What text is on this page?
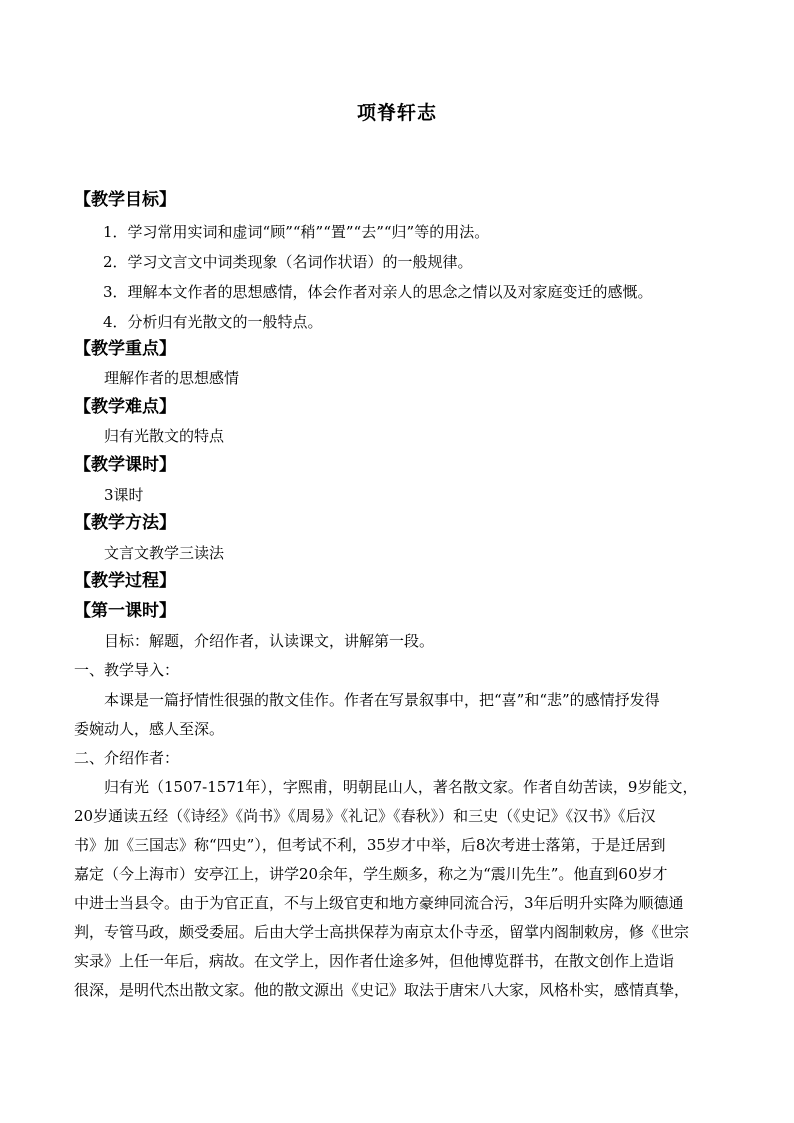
项脊轩志
【教学目标】
1．学习常用实词和虚词“顾”“稍”“置”“去”“归”等的用法。
2．学习文言文中词类现象（名词作状语）的一般规律。
3．理解本文作者的思想感情，体会作者对亲人的思念之情以及对家庭变迁的感慨。
4．分析归有光散文的一般特点。
【教学重点】
理解作者的思想感情
【教学难点】
归有光散文的特点
【教学课时】
3课时
【教学方法】
文言文教学三读法
【教学过程】
【第一课时】
目标：解题，介绍作者，认读课文，讲解第一段。
一、教学导入：
本课是一篇抒情性很强的散文佳作。作者在写景叙事中，把“喜”和“悲”的感情抒发得
委婉动人，感人至深。
二、介绍作者：
归有光（1507-1571年），字熙甫，明朝昆山人，著名散文家。作者自幼苦读，9岁能文，
20岁通读五经（《诗经》《尚书》《周易》《礼记》《春秋》）和三史（《史记》《汉书》《后汉
书》加《三国志》称“四史”），但考试不利，35岁才中举，后8次考进士落第，于是迁居到
嘉定（今上海市）安亭江上，讲学20余年，学生颇多，称之为“震川先生”。他直到60岁才
中进士当县令。由于为官正直，不与上级官吏和地方豪绅同流合污，3年后明升实降为顺德通
判，专管马政，颇受委屈。后由大学士高拱保荐为南京太仆寺丞，留掌内阁制敕房，修《世宗
实录》上任一年后，病故。在文学上，因作者仕途多舛，但他博览群书，在散文创作上造诣
很深，是明代杰出散文家。他的散文源出《史记》取法于唐宋八大家，风格朴实，感情真挚，
